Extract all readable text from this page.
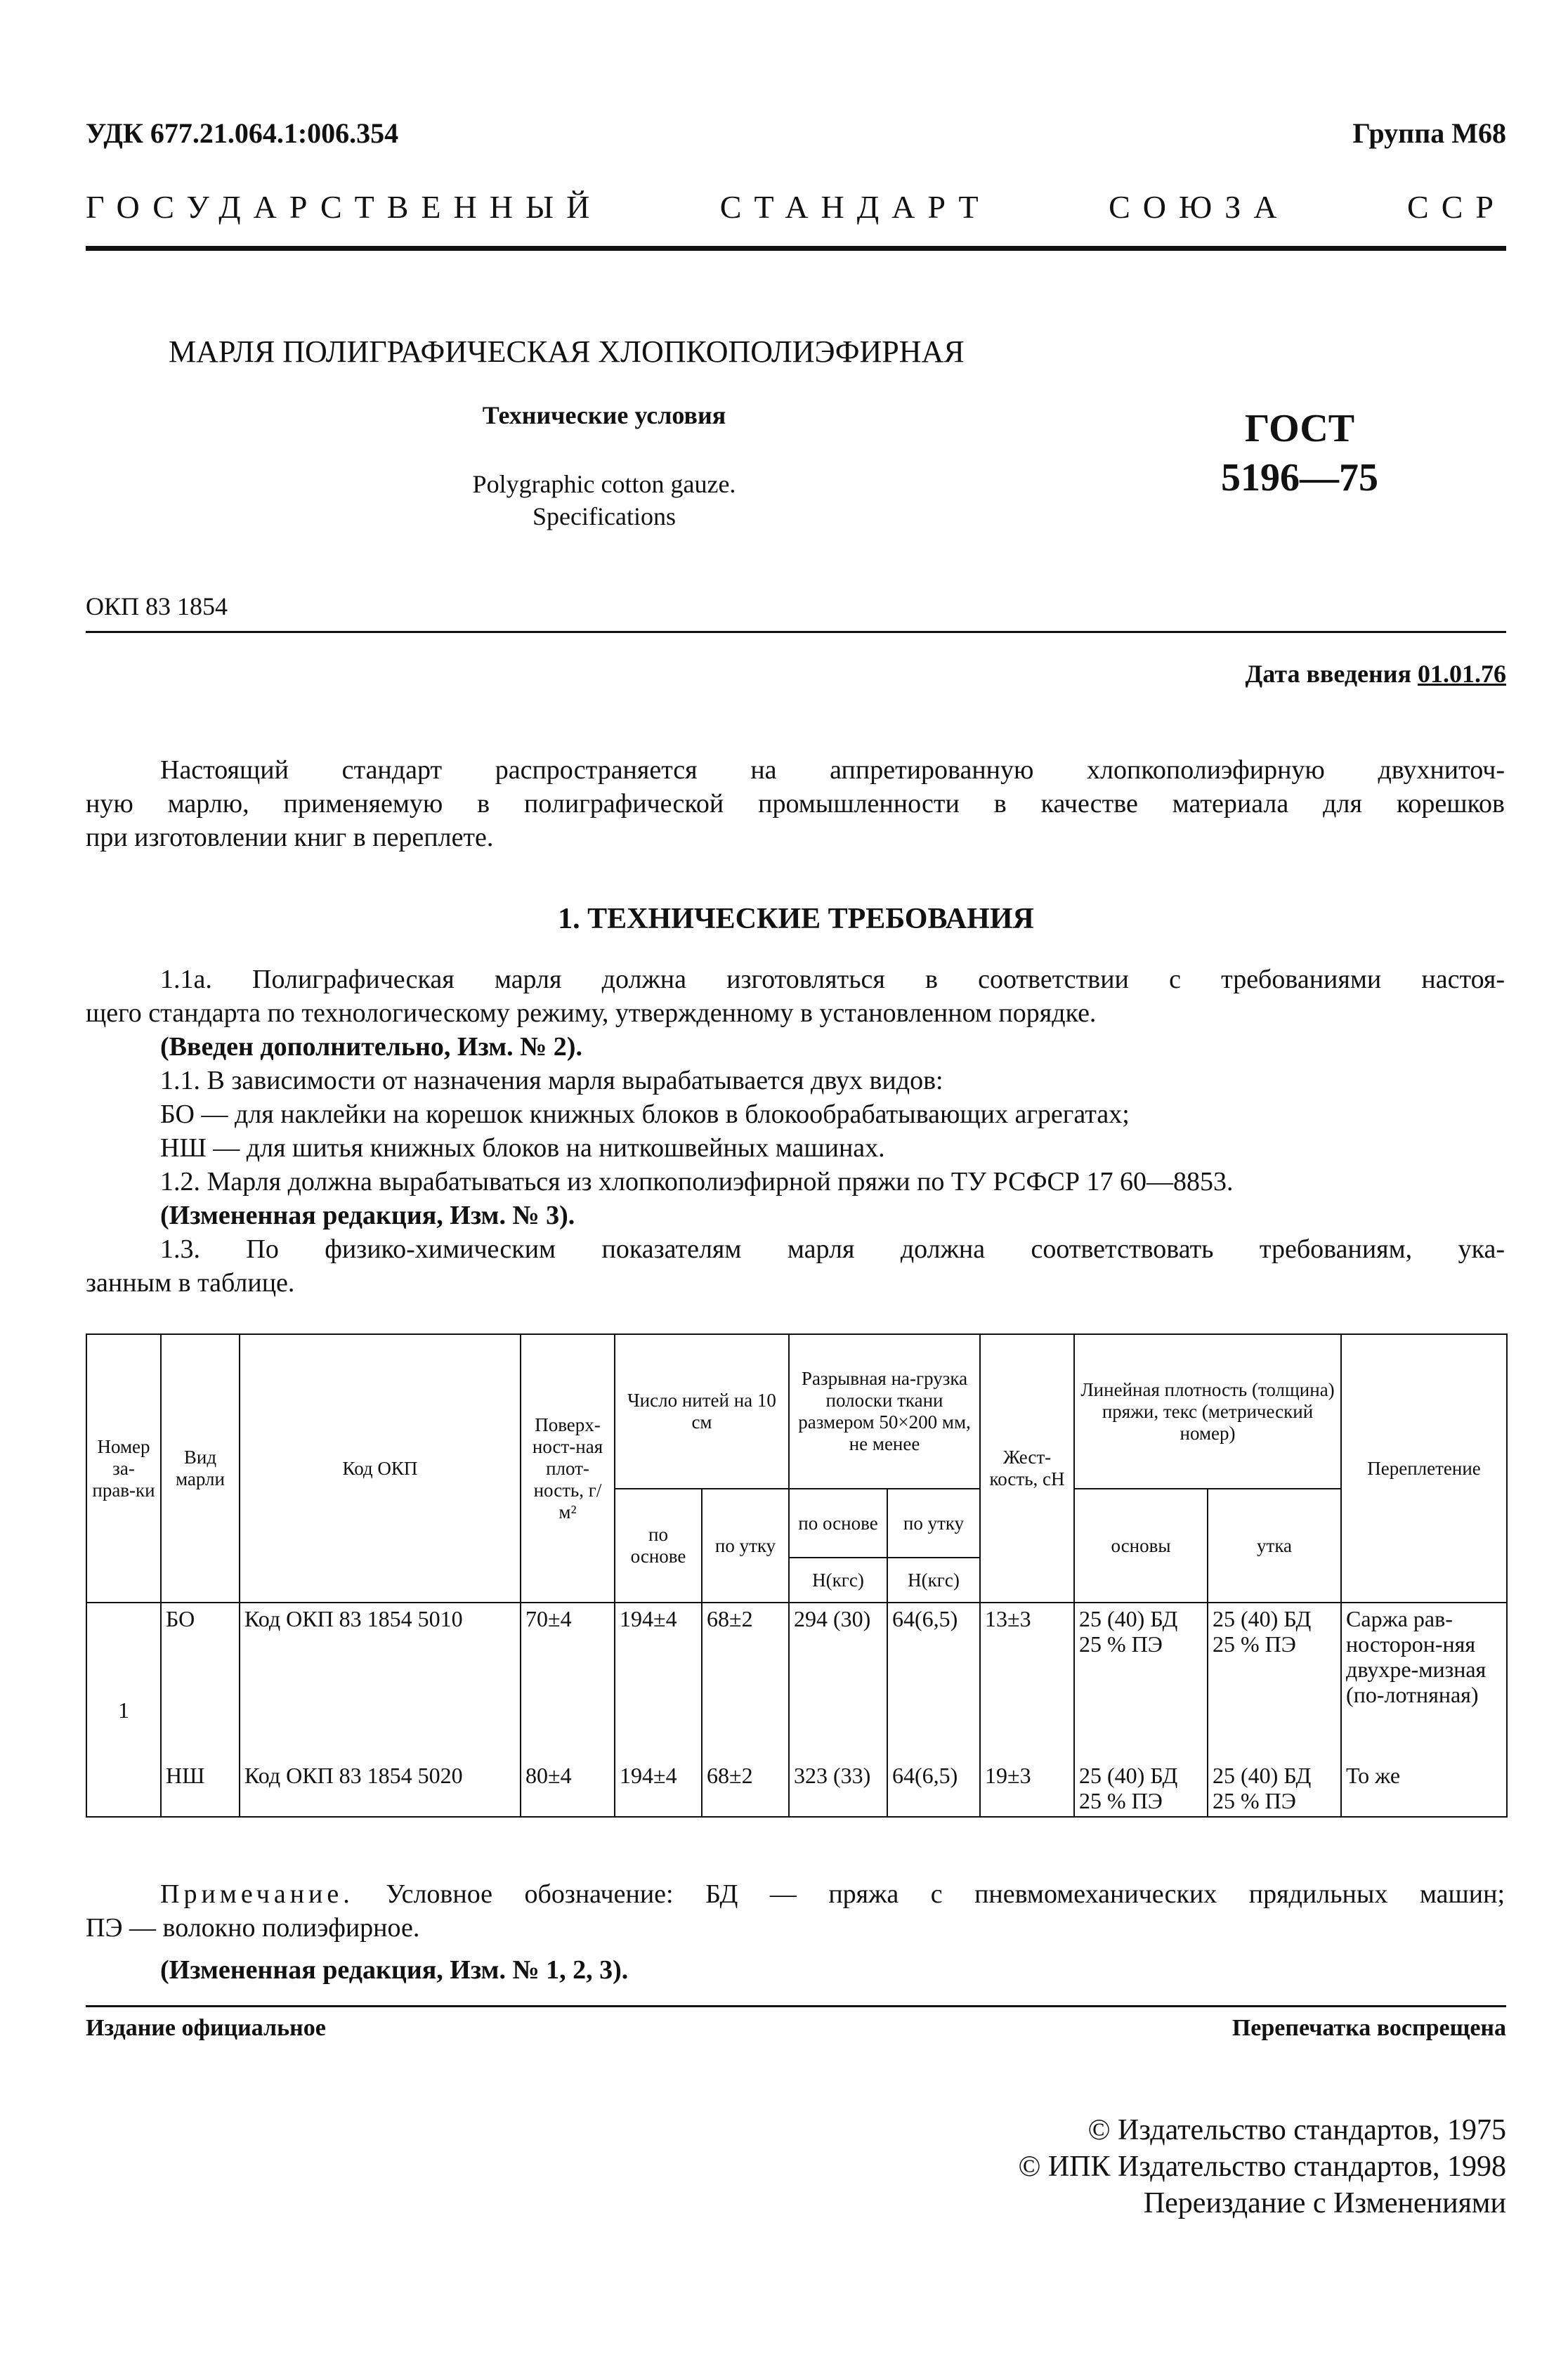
УДК 677.21.064.1:006.354	Группа М68
ГОСУДАРСТВЕННЫЙ СТАНДАРТ СОЮЗА ССР
МАРЛЯ ПОЛИГРАФИЧЕСКАЯ ХЛОПКОПОЛИЭФИРНАЯ
Технические условия
Polygraphic cotton gauze.
Specifications
ГОСТ
5196—75
ОКП 83 1854
Дата введения 01.01.76
Настоящий стандарт распространяется на аппретированную хлопкополиэфирную двухниточ-
ную марлю, применяемую в полиграфической промышленности в качестве материала для корешков
при изготовлении книг в переплете.
1. ТЕХНИЧЕСКИЕ ТРЕБОВАНИЯ
1.1а. Полиграфическая марля должна изготовляться в соответствии с требованиями настоя-
щего стандарта по технологическому режиму, утвержденному в установленном порядке.
(Введен дополнительно, Изм. № 2).
1.1. В зависимости от назначения марля вырабатывается двух видов:
БО — для наклейки на корешок книжных блоков в блокообрабатывающих агрегатах;
НШ — для шитья книжных блоков на ниткошвейных машинах.
1.2. Марля должна вырабатываться из хлопкополиэфирной пряжи по ТУ РСФСР 17 60—8853.
(Измененная редакция, Изм. № 3).
1.3. По физико-химическим показателям марля должна соответствовать требованиям, ука-
занным в таблице.
Номер за-прав-ки	Вид марли	Код ОКП	Поверх-ност-ная плот-ность, г/м²	Число нитей на 10 см		Разрывная на-грузка полоски ткани размером 50×200 мм, не менее		Жест-кость, сН	Линейная плотность (толщина) пряжи, текс (метрический номер)		Переплетение
				по основе	по утку	по основе	по утку		основы	утка	
						Н(кгс)	Н(кгс)				
1	БО	Код ОКП 83 1854 5010	70±4	194±4	68±2	294 (30)	64(6,5)	13±3	25 (40) БД 25 % ПЭ	25 (40) БД 25 % ПЭ	Саржа рав-носторон-няя двухре-мизная (по-лотняная)
	НШ	Код ОКП 83 1854 5020	80±4	194±4	68±2	323 (33)	64(6,5)	19±3	25 (40) БД 25 % ПЭ	25 (40) БД 25 % ПЭ	То же
Примечание. Условное обозначение: БД — пряжа с пневмомеханических прядильных машин;
ПЭ — волокно полиэфирное.
(Измененная редакция, Изм. № 1, 2, 3).
Издание официальное	Перепечатка воспрещена
© Издательство стандартов, 1975
© ИПК Издательство стандартов, 1998
Переиздание с Изменениями
